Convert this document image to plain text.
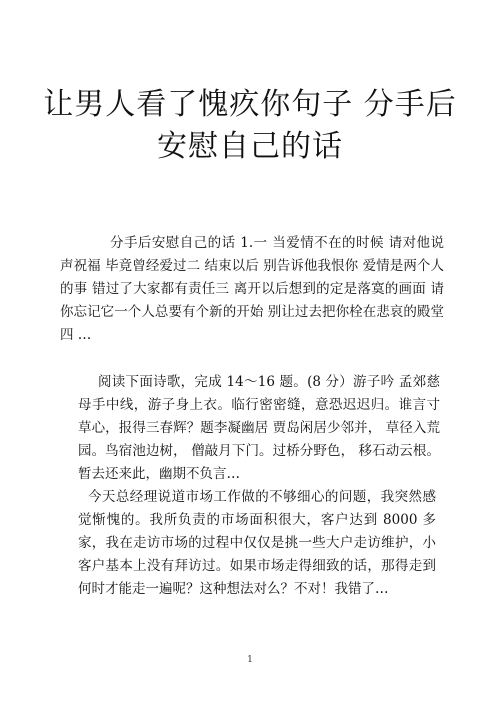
让男人看了愧疚你句子 分手后安慰自己的话

分手后安慰自己的话 1.一 当爱情不在的时候 请对他说声祝福 毕竟曾经爱过二 结束以后 别告诉他我恨你 爱情是两个人的事 错过了大家都有责任三 离开以后想到的定是落寞的画面 请你忘记它一个人总要有个新的开始 别让过去把你栓在悲哀的殿堂四 …

阅读下面诗歌，完成 14～16 题。(8 分）游子吟 孟郊慈母手中线，游子身上衣。临行密密缝，意恐迟迟归。谁言寸草心，报得三春辉？题李凝幽居 贾岛闲居少邻并， 草径入荒园。鸟宿池边树， 僧敲月下门。过桥分野色， 移石动云根。暂去还来此，幽期不负言…

今天总经理说道市场工作做的不够细心的问题，我突然感觉惭愧的。我所负责的市场面积很大，客户达到 8000 多家，我在走访市场的过程中仅仅是挑一些大户走访维护，小客户基本上没有拜访过。如果市场走得细致的话，那得走到何时才能走一遍呢？这种想法对么？不对！我错了…

1
